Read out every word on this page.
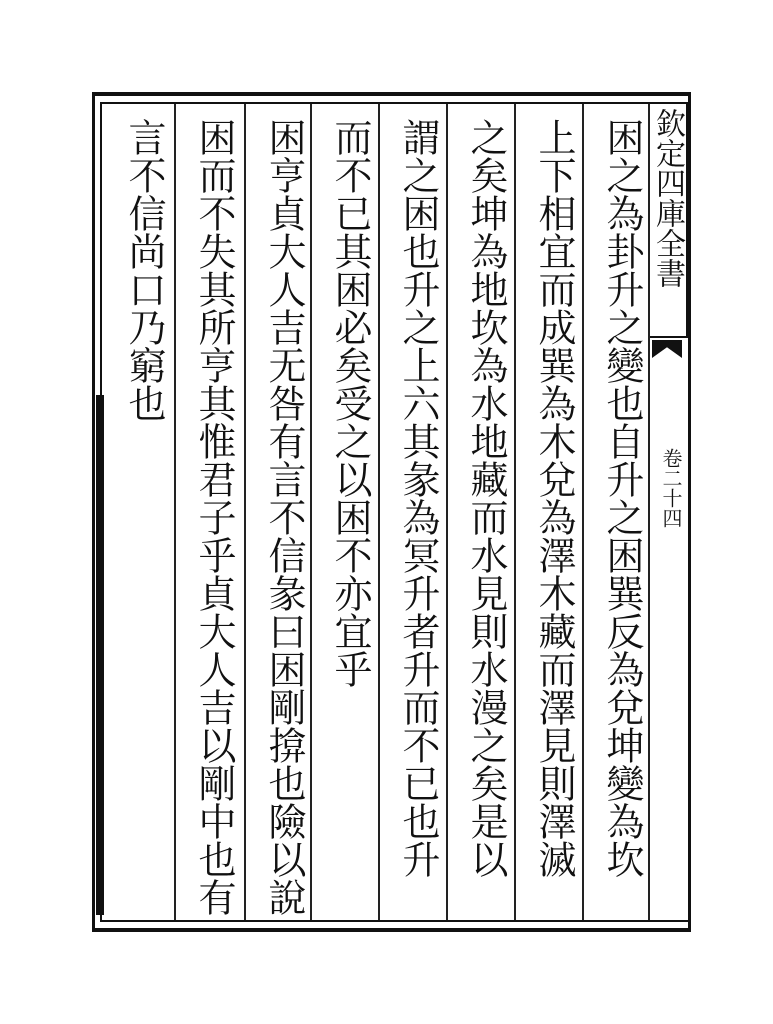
欽定四庫全書
卷二十四
困之為卦升之變也自升之困巽反為兌坤變為坎
上下相宜而成巽為木兌為澤木藏而澤見則澤滅
之矣坤為地坎為水地藏而水見則水漫之矣是以
謂之困也升之上六其彖為冥升者升而不已也升
而不已其困必矣受之以困不亦宜乎
困亨貞大人吉无咎有言不信彖曰困剛揜也險以說
困而不失其所亨其惟君子乎貞大人吉以剛中也有
言不信尚口乃窮也
